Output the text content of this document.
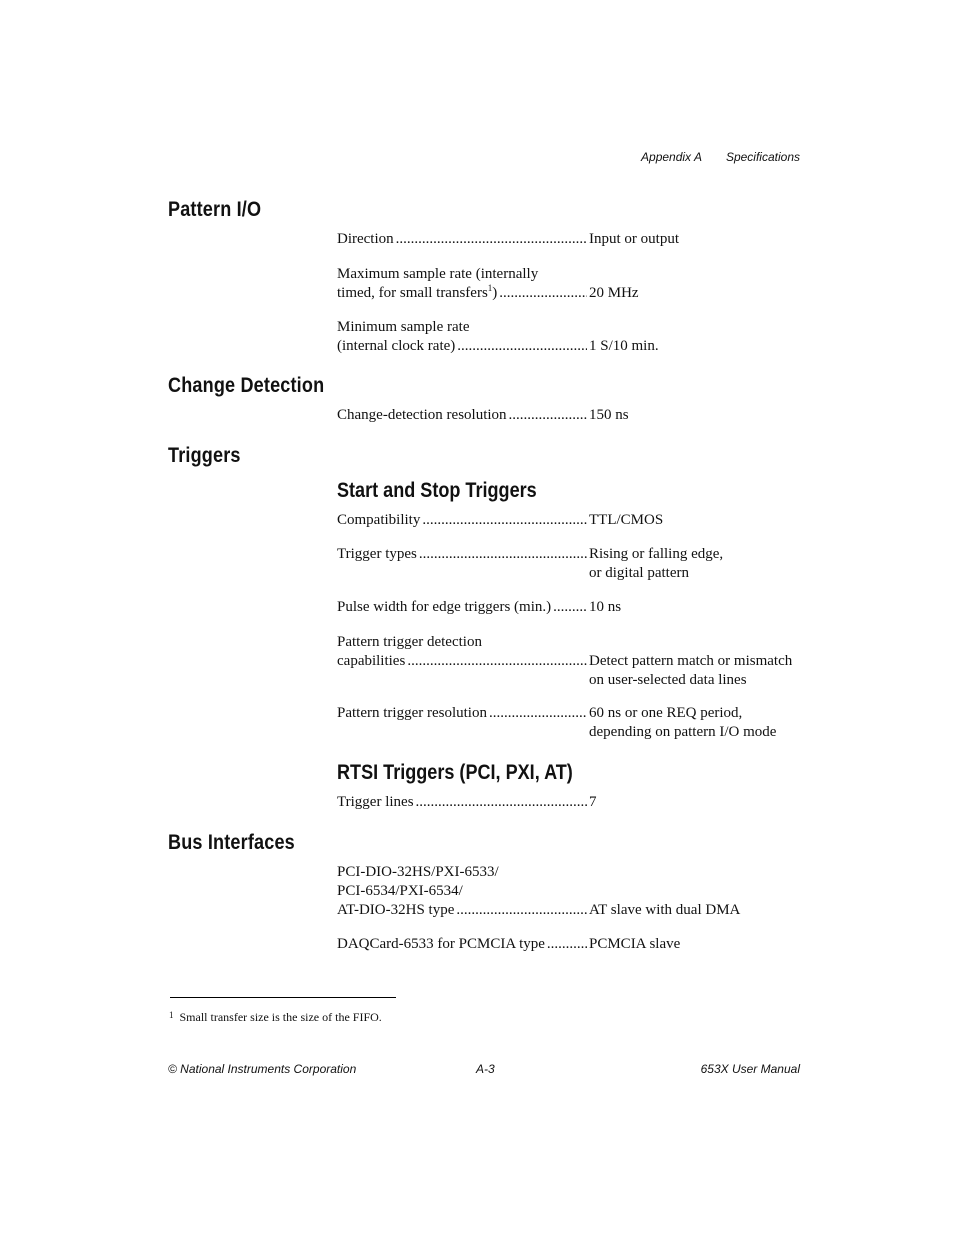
Appendix A Specifications
Pattern I/O
Direction .....	Input or output
Maximum sample rate (internally
timed, for small transfers$^1$) .....	20 MHz
Minimum sample rate
(internal clock rate) .....	1 S/10 min.
Change Detection
Change-detection resolution .....	150 ns
Triggers
Start and Stop Triggers
Compatibility .....	TTL/CMOS
Trigger types .....	Rising or falling edge,
or digital pattern
Pulse width for edge triggers (min.) .....	10 ns
Pattern trigger detection
capabilities .....	Detect pattern match or mismatch
on user-selected data lines
Pattern trigger resolution .....	60 ns or one REQ period,
depending on pattern I/O mode
RTSI Triggers (PCI, PXI, AT)
Trigger lines .....	7
Bus Interfaces
PCI-DIO-32HS/PXI-6533/
PCI-6534/PXI-6534/
AT-DIO-32HS type .....	AT slave with dual DMA
DAQCard-6533 for PCMCIA type .....	PCMCIA slave
$^1$ Small transfer size is the size of the FIFO.
© National Instruments Corporation	A-3	653X User Manual
